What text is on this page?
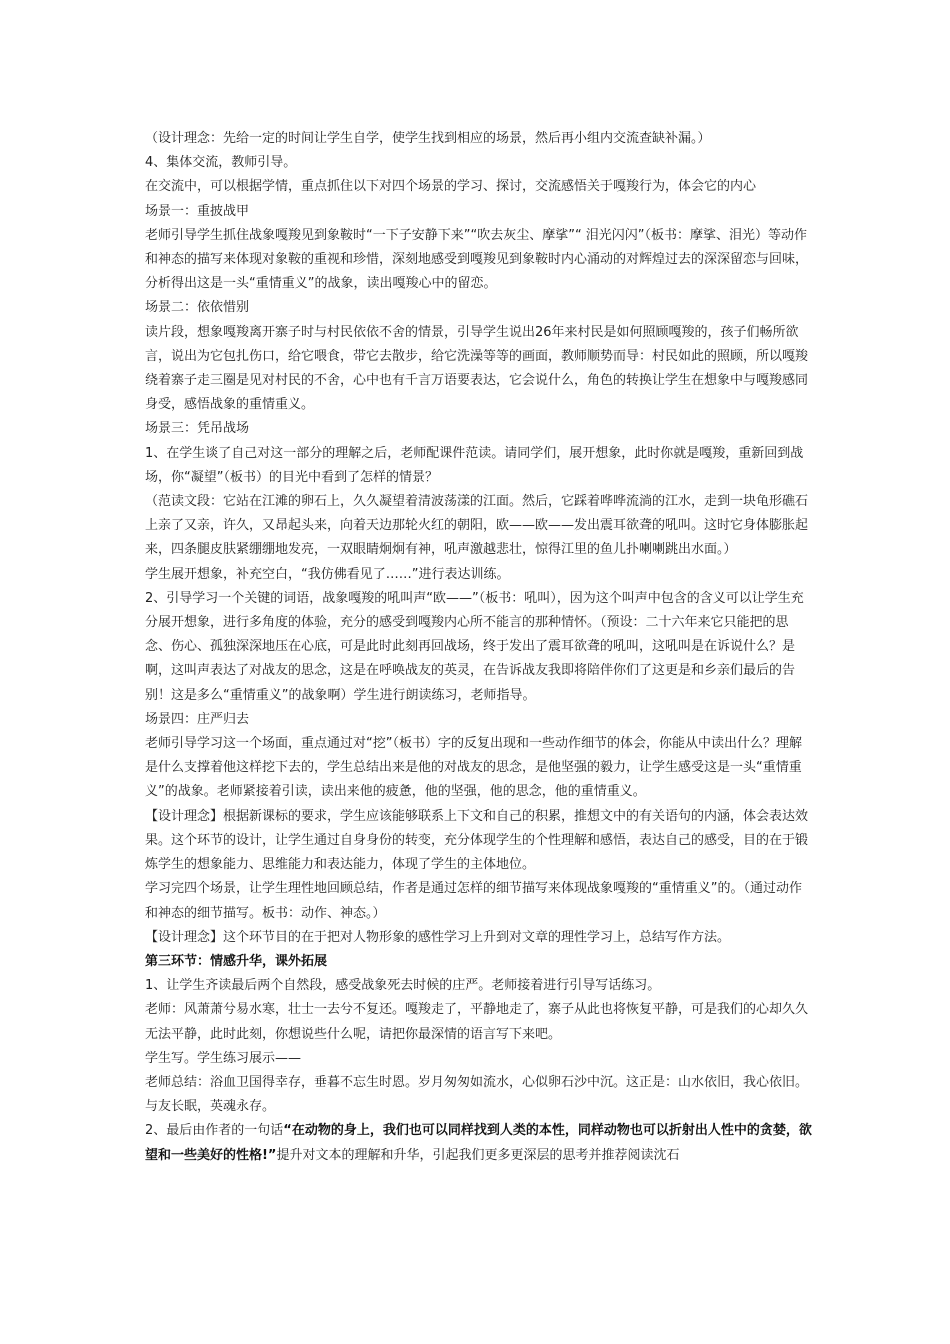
（设计理念：先给一定的时间让学生自学，使学生找到相应的场景，然后再小组内交流查缺补漏。）

4、集体交流，教师引导。

在交流中，可以根据学情，重点抓住以下对四个场景的学习、探讨，交流感悟关于嘎羧行为，体会它的内心

场景一：重披战甲

老师引导学生抓住战象嘎羧见到象鞍时“一下子安静下来”“吹去灰尘、摩挲”“ 泪光闪闪”（板书：摩挲、泪光）等动作和神态的描写来体现对象鞍的重视和珍惜，深刻地感受到嘎羧见到象鞍时内心涌动的对辉煌过去的深深留恋与回味，分析得出这是一头“重情重义”的战象，读出嘎羧心中的留恋。

场景二：依依惜别

读片段，想象嘎羧离开寨子时与村民依依不舍的情景，引导学生说出26年来村民是如何照顾嘎羧的，孩子们畅所欲言，说出为它包扎伤口，给它喂食，带它去散步，给它洗澡等等的画面，教师顺势而导：村民如此的照顾，所以嘎羧绕着寨子走三圈是见对村民的不舍，心中也有千言万语要表达，它会说什么，角色的转换让学生在想象中与嘎羧感同身受，感悟战象的重情重义。

场景三：凭吊战场

1、在学生谈了自己对这一部分的理解之后，老师配课件范读。请同学们，展开想象，此时你就是嘎羧，重新回到战场，你“凝望”（板书）的目光中看到了怎样的情景？

（范读文段：它站在江滩的卵石上，久久凝望着清波荡漾的江面。然后，它踩着哗哗流淌的江水，走到一块龟形礁石上亲了又亲，许久，又昂起头来，向着天边那轮火红的朝阳，欧——欧——发出震耳欲聋的吼叫。这时它身体膨胀起来，四条腿皮肤紧绷绷地发亮，一双眼睛炯炯有神，吼声激越悲壮，惊得江里的鱼儿扑喇喇跳出水面。）

学生展开想象，补充空白，“我仿佛看见了……”进行表达训练。

2、引导学习一个关键的词语，战象嘎羧的吼叫声“欧——”（板书：吼叫），因为这个叫声中包含的含义可以让学生充分展开想象，进行多角度的体验，充分的感受到嘎羧内心所不能言的那种情怀。（预设：二十六年来它只能把的思念、伤心、孤独深深地压在心底，可是此时此刻再回战场，终于发出了震耳欲聋的吼叫，这吼叫是在诉说什么？是啊，这叫声表达了对战友的思念，这是在呼唤战友的英灵，在告诉战友我即将陪伴你们了这更是和乡亲们最后的告别！这是多么“重情重义”的战象啊）学生进行朗读练习，老师指导。

场景四：庄严归去

老师引导学习这一个场面，重点通过对“挖”（板书）字的反复出现和一些动作细节的体会，你能从中读出什么？理解是什么支撑着他这样挖下去的，学生总结出来是他的对战友的思念，是他坚强的毅力，让学生感受这是一头“重情重义”的战象。老师紧接着引读，读出来他的疲惫，他的坚强，他的思念，他的重情重义。

【设计理念】根据新课标的要求，学生应该能够联系上下文和自己的积累，推想文中的有关语句的内涵，体会表达效果。这个环节的设计，让学生通过自身身份的转变，充分体现学生的个性理解和感悟，表达自己的感受，目的在于锻炼学生的想象能力、思维能力和表达能力，体现了学生的主体地位。

学习完四个场景，让学生理性地回顾总结，作者是通过怎样的细节描写来体现战象嘎羧的“重情重义”的。（通过动作和神态的细节描写。板书：动作、神态。）

【设计理念】这个环节目的在于把对人物形象的感性学习上升到对文章的理性学习上，总结写作方法。

第三环节：情感升华，课外拓展

1、让学生齐读最后两个自然段，感受战象死去时候的庄严。老师接着进行引导写话练习。

老师：风萧萧兮易水寒，壮士一去兮不复还。嘎羧走了，平静地走了，寨子从此也将恢复平静，可是我们的心却久久无法平静，此时此刻，你想说些什么呢，请把你最深情的语言写下来吧。

学生写。学生练习展示——

老师总结：浴血卫国得幸存，垂暮不忘生时恩。岁月匆匆如流水，心似卵石沙中沉。这正是：山水依旧，我心依旧。与友长眠，英魂永存。

2、最后由作者的一句话“在动物的身上，我们也可以同样找到人类的本性，同样动物也可以折射出人性中的贪婪，欲望和一些美好的性格!”提升对文本的理解和升华，引起我们更多更深层的思考并推荐阅读沈石
